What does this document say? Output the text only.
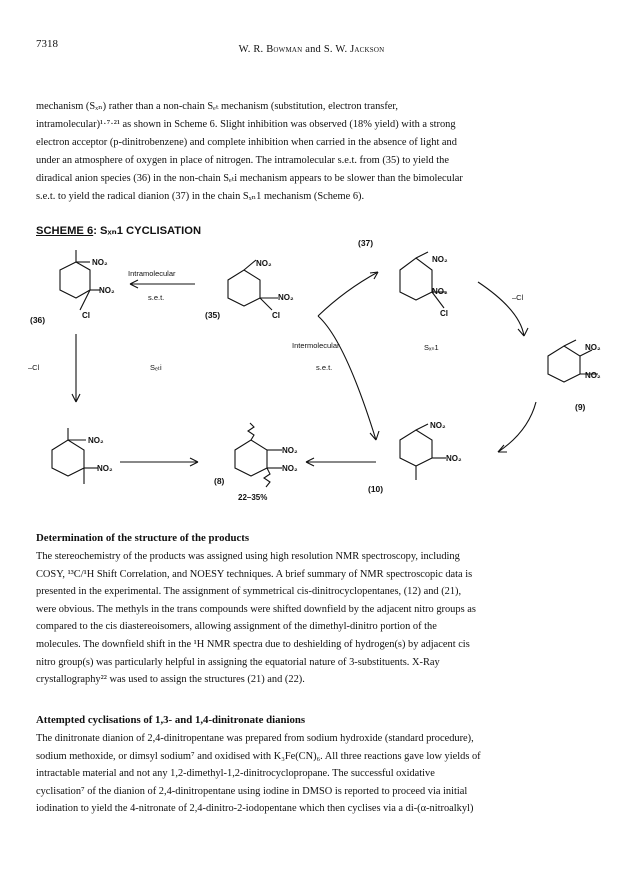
7318	W. R. Bowman and S. W. Jackson
mechanism (Sₓₙ) rather than a non-chain Sₑₜ mechanism (substitution, electron transfer,
intramolecular)¹·⁷·²¹ as shown in Scheme 6. Slight inhibition was observed (18% yield) with a strong
electron acceptor (p-dinitrobenzene) and complete inhibition when carried in the absence of light and
under an atmosphere of oxygen in place of nitrogen. The intramolecular s.e.t. from (35) to yield the
diradical anion species (36) in the non-chain Sₑₜi mechanism appears to be slower than the bimolecular
s.e.t. to yield the radical dianion (37) in the chain Sₓₙ1 mechanism (Scheme 6).
SCHEME 6: Sₓₙ1 CYCLISATION
NO₂
NO₂
Cl
(36)
Intramolecular
s.e.t.
NO₂
NO₂
Cl
(35)
NO₂
NO₂
Cl
(37)
–Cl
NO₂
NO₂
(9)
Intermolecular
s.e.t.
Sₓₙ1
–Cl	Sₑₜi
NO₂
NO₂
NO₂
NO₂
(8)
22–35%
NO₂
NO₂
(10)
Determination of the structure of the products
The stereochemistry of the products was assigned using high resolution NMR spectroscopy, including
COSY, ¹³C/¹H Shift Correlation, and NOESY techniques. A brief summary of NMR spectroscopic data is
presented in the experimental. The assignment of symmetrical cis-dinitrocyclopentanes, (12) and (21),
were obvious. The methyls in the trans compounds were shifted downfield by the adjacent nitro groups as
compared to the cis diastereoisomers, allowing assignment of the dimethyl-dinitro portion of the
molecules. The downfield shift in the ¹H NMR spectra due to deshielding of hydrogen(s) by adjacent cis
nitro group(s) was particularly helpful in assigning the equatorial nature of 3-substituents. X-Ray
crystallography²² was used to assign the structures (21) and (22).
Attempted cyclisations of 1,3- and 1,4-dinitronate dianions
The dinitronate dianion of 2,4-dinitropentane was prepared from sodium hydroxide (standard procedure),
sodium methoxide, or dimsyl sodium⁷ and oxidised with K₃Fe(CN)₆. All three reactions gave low yields of
intractable material and not any 1,2-dimethyl-1,2-dinitrocyclopropane. The successful oxidative
cyclisation⁷ of the dianion of 2,4-dinitropentane using iodine in DMSO is reported to proceed via initial
iodination to yield the 4-nitronate of 2,4-dinitro-2-iodopentane which then cyclises via a di-(α-nitroalkyl)
